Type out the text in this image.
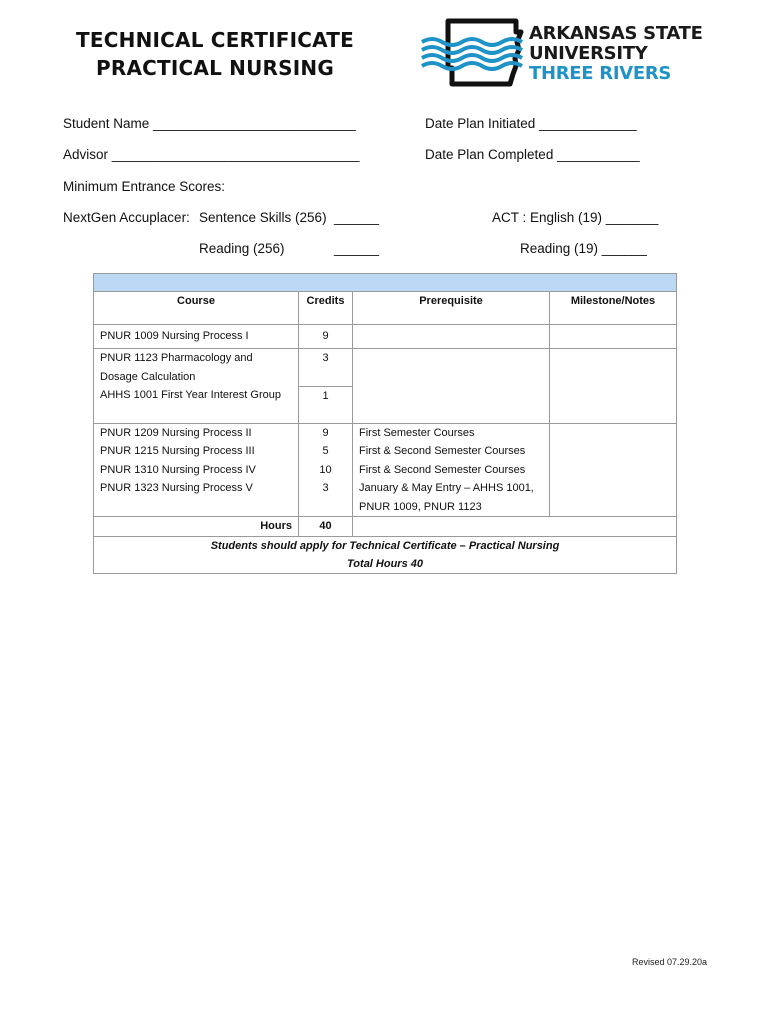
TECHNICAL CERTIFICATE
PRACTICAL NURSING
ARKANSAS STATE
UNIVERSITY
THREE RIVERS
Student Name ___________________________	Date Plan Initiated _____________
Advisor _________________________________	Date Plan Completed ___________
Minimum Entrance Scores:
NextGen Accuplacer: Sentence Skills (256) ______	ACT : English (19) _______
Reading (256)	______	Reading (19) ______

Course	Credits	Prerequisite	Milestone/Notes
PNUR 1009 Nursing Process I	9		
PNUR 1123 Pharmacology and Dosage Calculation	3		
AHHS 1001 First Year Interest Group	1		
PNUR 1209 Nursing Process II	9	First Semester Courses	
PNUR 1215 Nursing Process III	5	First & Second Semester Courses	
PNUR 1310 Nursing Process IV	10	First & Second Semester Courses	
PNUR 1323 Nursing Process V	3	January & May Entry – AHHS 1001, PNUR 1009, PNUR 1123	
Hours	40		

Students should apply for Technical Certificate – Practical Nursing
Total Hours 40			
Revised 07.29.20a
